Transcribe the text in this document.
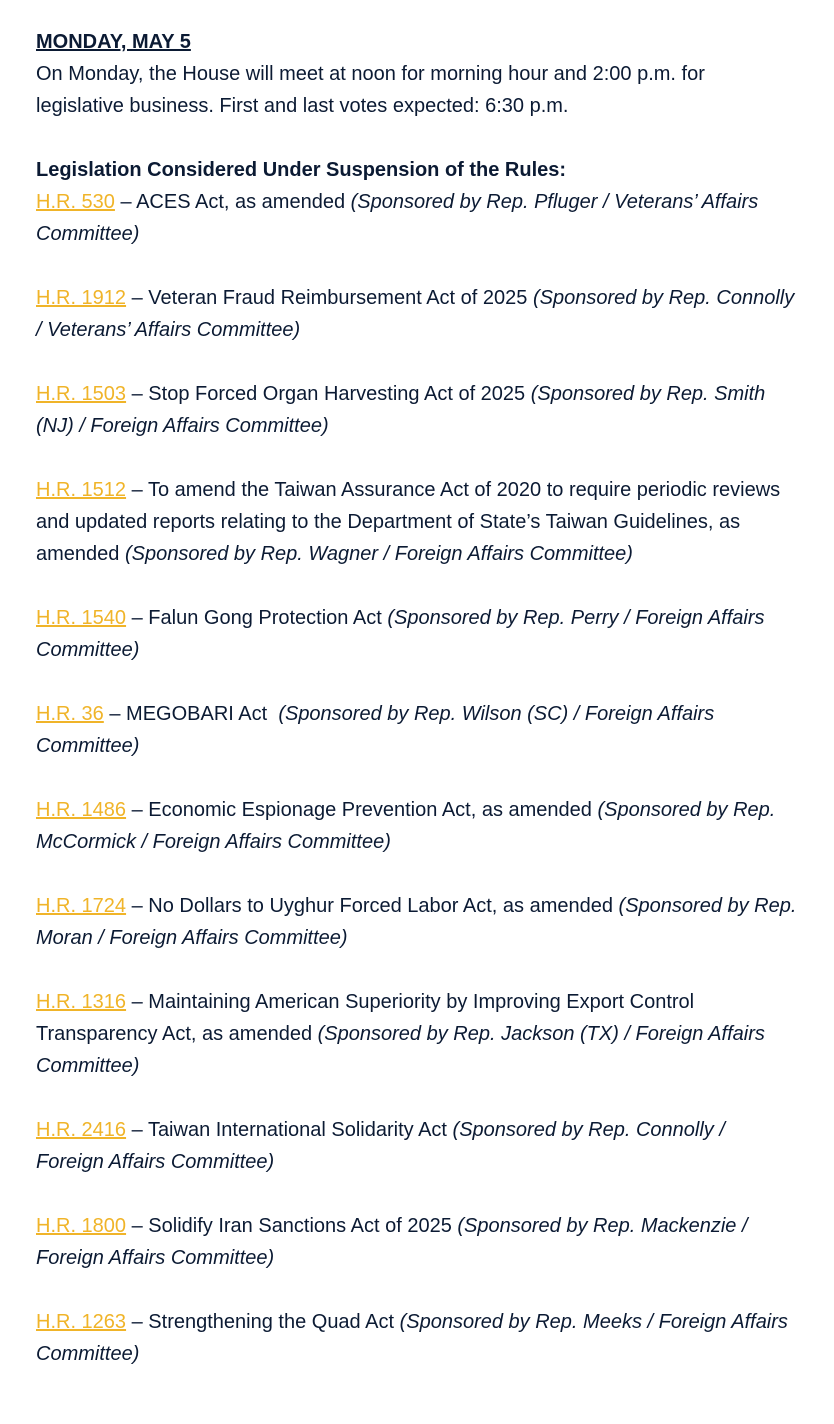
MONDAY, MAY 5

On Monday, the House will meet at noon for morning hour and 2:00 p.m. for legislative business. First and last votes expected: 6:30 p.m.

Legislation Considered Under Suspension of the Rules:

H.R. 530 – ACES Act, as amended (Sponsored by Rep. Pfluger / Veterans’ Affairs Committee)
H.R. 1912 – Veteran Fraud Reimbursement Act of 2025 (Sponsored by Rep. Connolly / Veterans’ Affairs Committee)
H.R. 1503 – Stop Forced Organ Harvesting Act of 2025 (Sponsored by Rep. Smith (NJ) / Foreign Affairs Committee)
H.R. 1512 – To amend the Taiwan Assurance Act of 2020 to require periodic reviews and updated reports relating to the Department of State’s Taiwan Guidelines, as amended (Sponsored by Rep. Wagner / Foreign Affairs Committee)
H.R. 1540 – Falun Gong Protection Act (Sponsored by Rep. Perry / Foreign Affairs Committee)
H.R. 36 – MEGOBARI Act  (Sponsored by Rep. Wilson (SC) / Foreign Affairs Committee)
H.R. 1486 – Economic Espionage Prevention Act, as amended (Sponsored by Rep. McCormick / Foreign Affairs Committee)
H.R. 1724 – No Dollars to Uyghur Forced Labor Act, as amended (Sponsored by Rep. Moran / Foreign Affairs Committee)
H.R. 1316 – Maintaining American Superiority by Improving Export Control Transparency Act, as amended (Sponsored by Rep. Jackson (TX) / Foreign Affairs Committee)
H.R. 2416 – Taiwan International Solidarity Act (Sponsored by Rep. Connolly / Foreign Affairs Committee)
H.R. 1800 – Solidify Iran Sanctions Act of 2025 (Sponsored by Rep. Mackenzie / Foreign Affairs Committee)
H.R. 1263 – Strengthening the Quad Act (Sponsored by Rep. Meeks / Foreign Affairs Committee)
